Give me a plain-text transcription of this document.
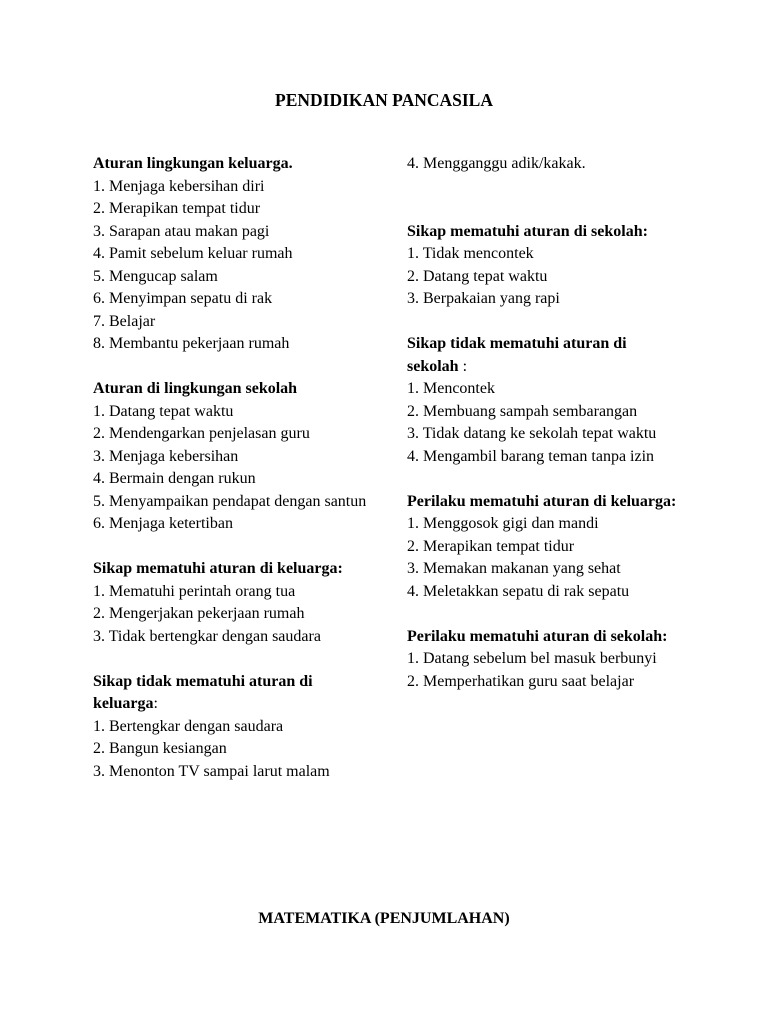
PENDIDIKAN PANCASILA
Aturan lingkungan keluarga.
1. Menjaga kebersihan diri
2. Merapikan tempat tidur
3. Sarapan atau makan pagi
4. Pamit sebelum keluar rumah
5. Mengucap salam
6. Menyimpan sepatu di rak
7. Belajar
8. Membantu pekerjaan rumah
Aturan di lingkungan sekolah
1. Datang tepat waktu
2. Mendengarkan penjelasan guru
3. Menjaga kebersihan
4. Bermain dengan rukun
5. Menyampaikan pendapat dengan santun
6. Menjaga ketertiban
Sikap mematuhi aturan di keluarga:
1. Mematuhi perintah orang tua
2. Mengerjakan pekerjaan rumah
3. Tidak bertengkar dengan saudara
Sikap tidak mematuhi aturan di keluarga:
1. Bertengkar dengan saudara
2. Bangun kesiangan
3. Menonton TV sampai larut malam
4. Mengganggu adik/kakak.
Sikap mematuhi aturan di sekolah:
1. Tidak mencontek
2. Datang tepat waktu
3. Berpakaian yang rapi
Sikap tidak mematuhi aturan di sekolah :
1. Mencontek
2. Membuang sampah sembarangan
3. Tidak datang ke sekolah tepat waktu
4. Mengambil barang teman tanpa izin
Perilaku mematuhi aturan di keluarga:
1. Menggosok gigi dan mandi
2. Merapikan tempat tidur
3. Memakan makanan yang sehat
4. Meletakkan sepatu di rak sepatu
Perilaku mematuhi aturan di sekolah:
1. Datang sebelum bel masuk berbunyi
2. Memperhatikan guru saat belajar
MATEMATIKA (PENJUMLAHAN)
